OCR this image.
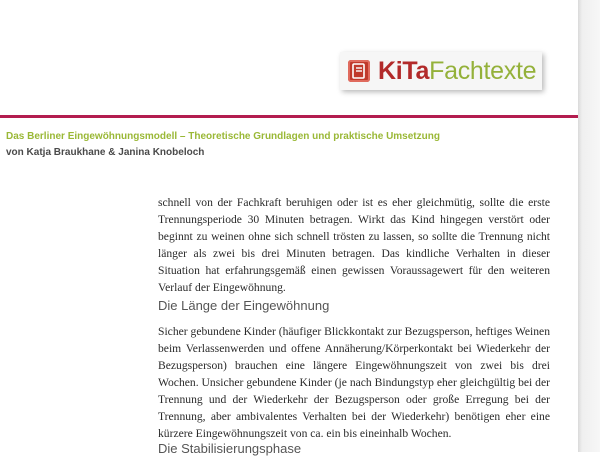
KiTaFachtexte
Das Berliner Eingewöhnungsmodell – Theoretische Grundlagen und praktische Umsetzung
von Katja Braukhane & Janina Knobeloch

schnell von der Fachkraft beruhigen oder ist es eher gleichmütig, sollte die erste Trennungsperiode 30 Minuten betragen. Wirkt das Kind hingegen verstört oder beginnt zu weinen ohne sich schnell trösten zu lassen, so sollte die Trennung nicht länger als zwei bis drei Minuten betragen. Das kindliche Verhalten in dieser Situation hat erfahrungsgemäß einen gewissen Voraussagewert für den weiteren Verlauf der Eingewöhnung.

Die Länge der Eingewöhnung

Sicher gebundene Kinder (häufiger Blickkontakt zur Bezugsperson, heftiges Weinen beim Verlassenwerden und offene Annäherung/Körperkontakt bei Wiederkehr der Bezugsperson) brauchen eine längere Eingewöhnungszeit von zwei bis drei Wochen. Unsicher gebundene Kinder (je nach Bindungstyp eher gleichgültig bei der Trennung und der Wiederkehr der Bezugsperson oder große Erregung bei der Trennung, aber ambivalentes Verhalten bei der Wiederkehr) benötigen eher eine kürzere Eingewöhnungszeit von ca. ein bis eineinhalb Wochen.

Die Stabilisierungsphase
